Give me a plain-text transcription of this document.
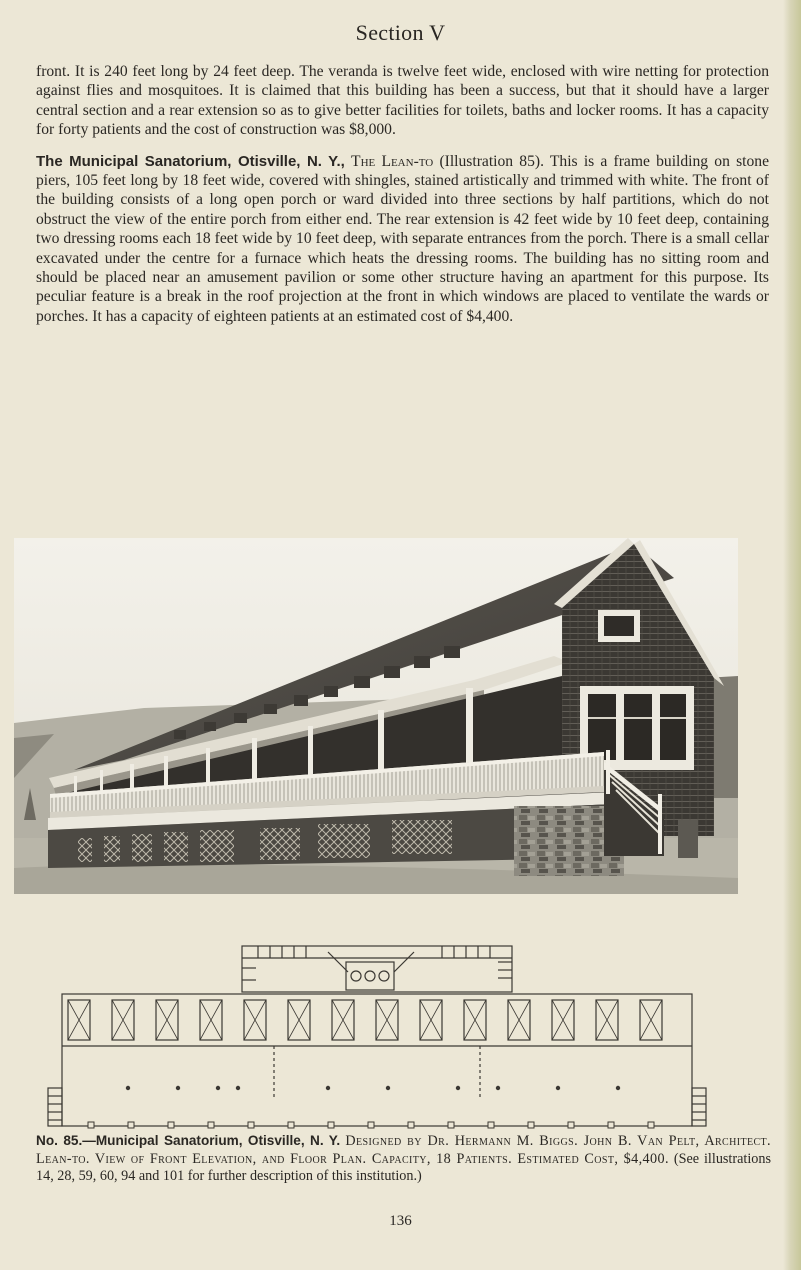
Section V

front. It is 240 feet long by 24 feet deep. The veranda is twelve feet wide, enclosed with wire netting for protection against flies and mosquitoes. It is claimed that this building has been a success, but that it should have a larger central section and a rear extension so as to give better facilities for toilets, baths and locker rooms. It has a capacity for forty patients and the cost of construction was $8,000.

The Municipal Sanatorium, Otisville, N. Y., The Lean-to (Illustration 85). This is a frame building on stone piers, 105 feet long by 18 feet wide, covered with shingles, stained artistically and trimmed with white. The front of the building consists of a long open porch or ward divided into three sections by half partitions, which do not obstruct the view of the entire porch from either end. The rear extension is 42 feet wide by 10 feet deep, containing two dressing rooms each 18 feet wide by 10 feet deep, with separate entrances from the porch. There is a small cellar excavated under the centre for a furnace which heats the dressing rooms. The building has no sitting room and should be placed near an amusement pavilion or some other structure having an apartment for this purpose. Its peculiar feature is a break in the roof projection at the front in which windows are placed to ventilate the wards or porches. It has a capacity of eighteen patients at an estimated cost of $4,400.

No. 85.—Municipal Sanatorium, Otisville, N. Y. Designed by Dr. Hermann M. Biggs. John B. Van Pelt, Architect. Lean-to. View of Front Elevation, and Floor Plan. Capacity, 18 Patients. Estimated Cost, $4,400. (See illustrations 14, 28, 59, 60, 94 and 101 for further description of this institution.)
136
